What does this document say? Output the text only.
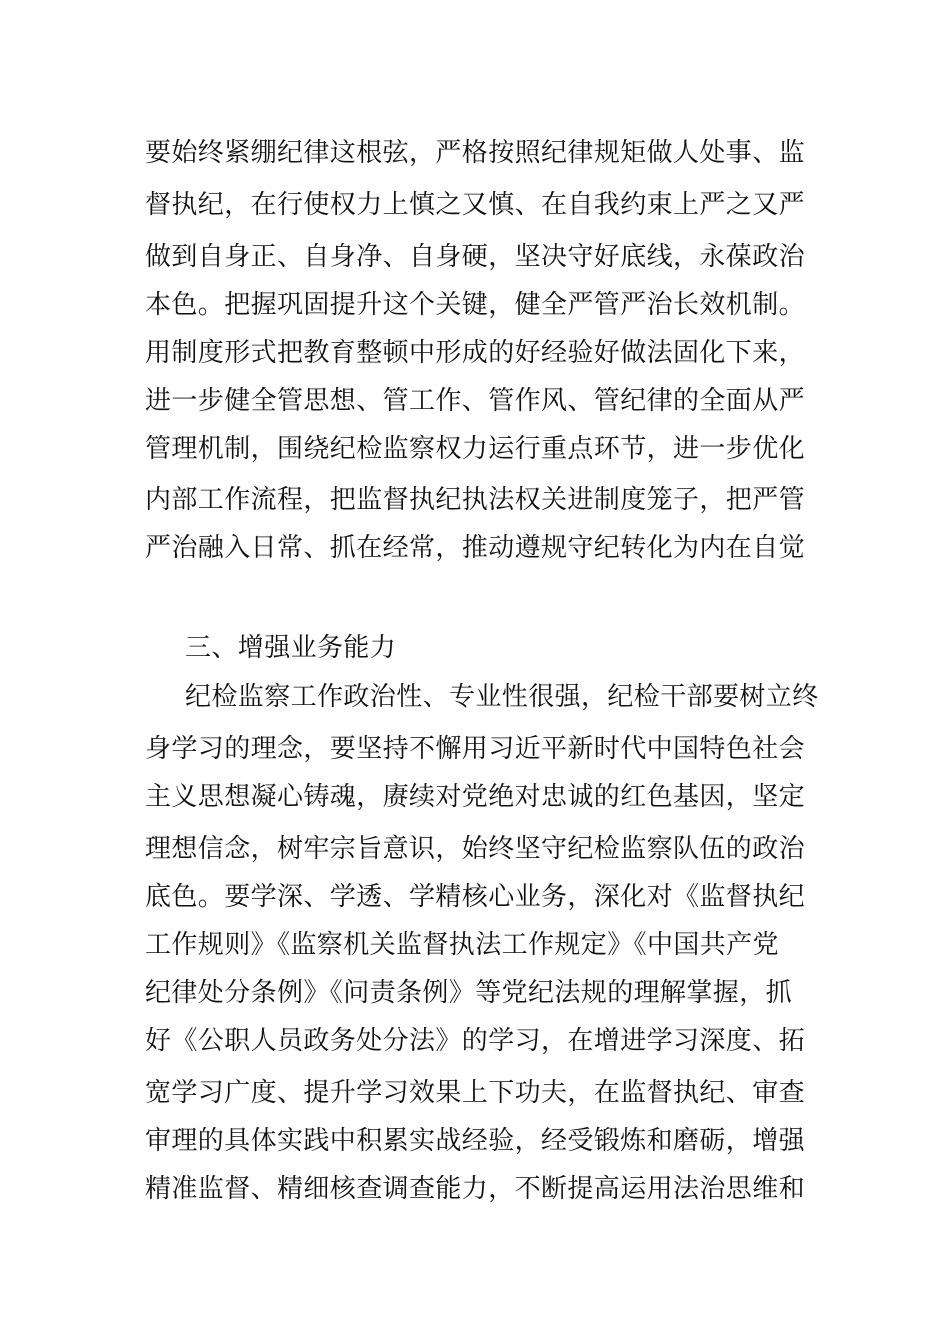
要始终紧绷纪律这根弦，严格按照纪律规矩做人处事、监
督执纪，在行使权力上慎之又慎、在自我约束上严之又严
做到自身正、自身净、自身硬，坚决守好底线，永葆政治
本色。把握巩固提升这个关键，健全严管严治长效机制。
用制度形式把教育整顿中形成的好经验好做法固化下来，
进一步健全管思想、管工作、管作风、管纪律的全面从严
管理机制，围绕纪检监察权力运行重点环节，进一步优化
内部工作流程，把监督执纪执法权关进制度笼子，把严管
严治融入日常、抓在经常，推动遵规守纪转化为内在自觉
三、增强业务能力
纪检监察工作政治性、专业性很强，纪检干部要树立终
身学习的理念，要坚持不懈用习近平新时代中国特色社会
主义思想凝心铸魂，赓续对党绝对忠诚的红色基因，坚定
理想信念，树牢宗旨意识，始终坚守纪检监察队伍的政治
底色。要学深、学透、学精核心业务，深化对《监督执纪
工作规则》《监察机关监督执法工作规定》《中国共产党
纪律处分条例》《问责条例》等党纪法规的理解掌握，抓
好《公职人员政务处分法》的学习，在增进学习深度、拓
宽学习广度、提升学习效果上下功夫，在监督执纪、审查
审理的具体实践中积累实战经验，经受锻炼和磨砺，增强
精准监督、精细核查调查能力，不断提高运用法治思维和
